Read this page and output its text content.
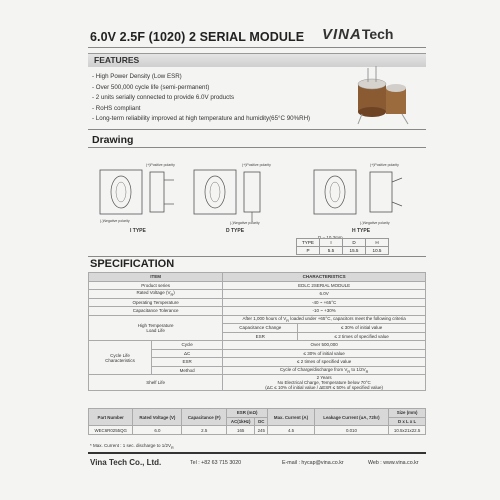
6.0V 2.5F (1020) 2 SERIAL MODULE VINATech
FEATURES
- High Power Density (Low ESR)
- Over 500,000 cycle life (semi-permanent)
- 2 units serially connected to provide 6.0V products
- RoHS compliant
- Long-term reliability improved at high temperature and humidity(65°C 90%RH)
Drawing
(+)Positive polarity
(-)Negative polarity
(+)Positive polarity
(-)Negative polarity
(+)Positive polarity
(-)Negative polarity
I TYPE	D TYPE	H TYPE
D = 10.3mm
TYPE	I	D	H
P	5.5	15.5	10.5
SPECIFICATION
ITEM		CHARACTERISTICS	
Product series		EDLC 2SERIAL MODULE	
Rated Voltage $(V_R)$		6.0V	
Operating Temperature		-40 ~ +65°C	
Capacitance Tolerance		-10 ~ +30%	
High Temperature
Load Life		After 1,000 hours of $V_R$ loaded under +65°C, capacitors meet the following criteria	
		Capacitance Change	≤ 30% of initial value
		ESR	≤ 2 times of specified value
Cycle Life
Characteristics	Cycle	Over 500,000	
	ΔC	≤ 30% of initial value	
	ESR	≤ 2 times of specified value	
	Method	Cycle of Charge/discharge from $V_R$ to $1/2V_R$
Shelf Life		2 Years
No Electrical Charge, Temperature below 70°C
(ΔC ≤ 10% of initial value / ΔESR ≤ 50% of specified value)	
Part Number	Rated Voltage (V)	Capacitance (F)	ESR (mΩ)		Max. Current (A)	Leakage Current (uA, 72hr)	Size (mm)
			AC(1kHz)	DC			D x L x L
WEC6R0255QG	6.0	2.5	165	245	4.5	0.010	10.5x21x22.5
* Max. Current : 1 sec. discharge to $1/2V_R$
Vina Tech Co., Ltd.	Tel : +82 63 715 3020	E-mail : hycap@vina.co.kr	Web : www.vina.co.kr
